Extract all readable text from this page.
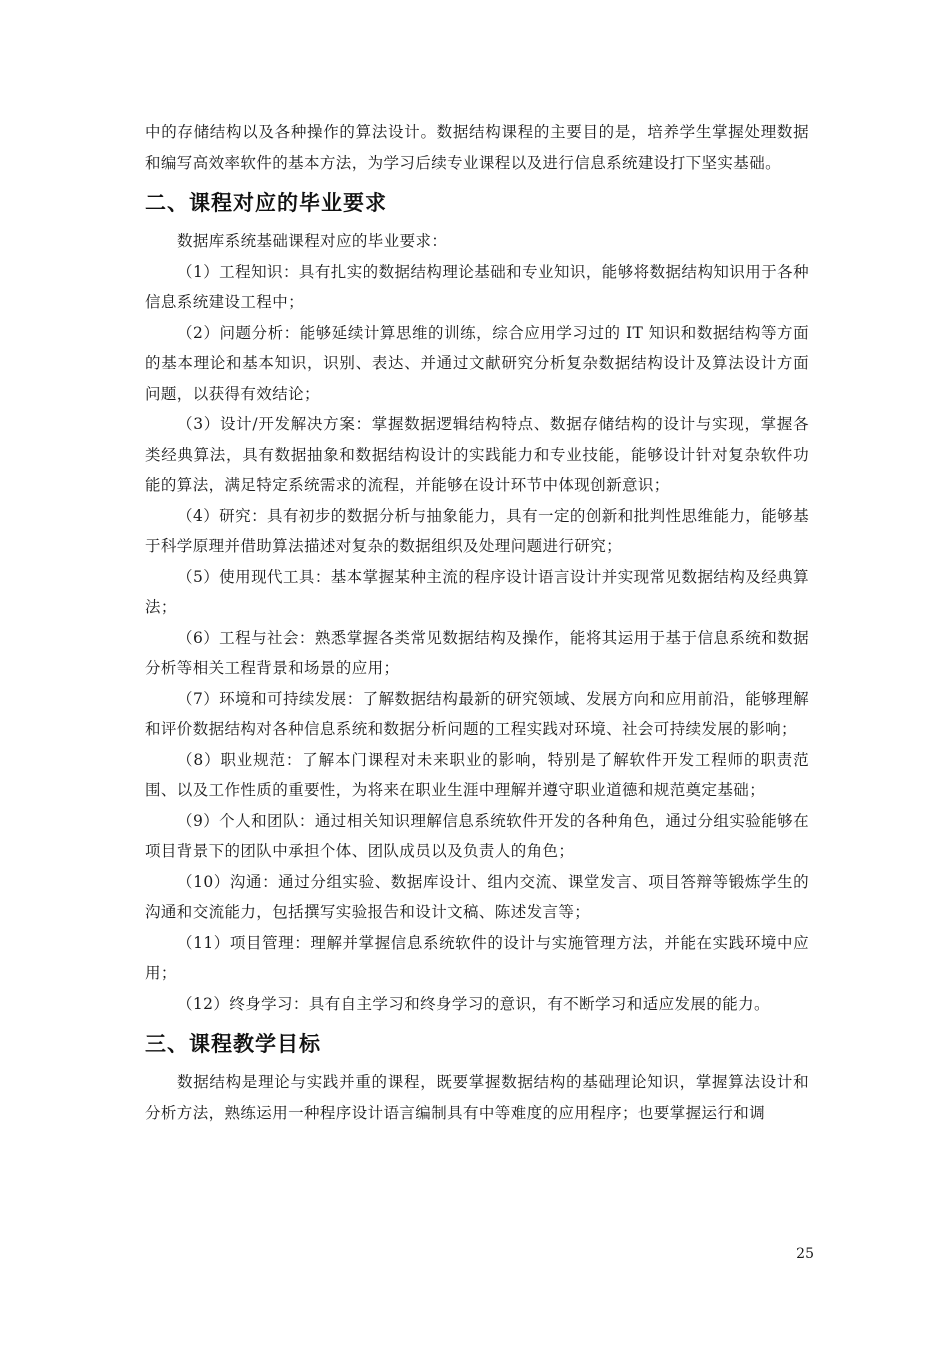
中的存储结构以及各种操作的算法设计。数据结构课程的主要目的是，培养学生掌握处理数据和编写高效率软件的基本方法，为学习后续专业课程以及进行信息系统建设打下坚实基础。

二、课程对应的毕业要求

数据库系统基础课程对应的毕业要求：

（1）工程知识：具有扎实的数据结构理论基础和专业知识，能够将数据结构知识用于各种信息系统建设工程中；

（2）问题分析：能够延续计算思维的训练，综合应用学习过的 IT 知识和数据结构等方面的基本理论和基本知识，识别、表达、并通过文献研究分析复杂数据结构设计及算法设计方面问题，以获得有效结论；

（3）设计/开发解决方案：掌握数据逻辑结构特点、数据存储结构的设计与实现，掌握各类经典算法，具有数据抽象和数据结构设计的实践能力和专业技能，能够设计针对复杂软件功能的算法，满足特定系统需求的流程，并能够在设计环节中体现创新意识；

（4）研究：具有初步的数据分析与抽象能力，具有一定的创新和批判性思维能力，能够基于科学原理并借助算法描述对复杂的数据组织及处理问题进行研究；

（5）使用现代工具：基本掌握某种主流的程序设计语言设计并实现常见数据结构及经典算法；

（6）工程与社会：熟悉掌握各类常见数据结构及操作，能将其运用于基于信息系统和数据分析等相关工程背景和场景的应用；

（7）环境和可持续发展：了解数据结构最新的研究领域、发展方向和应用前沿，能够理解和评价数据结构对各种信息系统和数据分析问题的工程实践对环境、社会可持续发展的影响；

（8）职业规范：了解本门课程对未来职业的影响，特别是了解软件开发工程师的职责范围、以及工作性质的重要性，为将来在职业生涯中理解并遵守职业道德和规范奠定基础；

（9）个人和团队：通过相关知识理解信息系统软件开发的各种角色，通过分组实验能够在项目背景下的团队中承担个体、团队成员以及负责人的角色；

（10）沟通：通过分组实验、数据库设计、组内交流、课堂发言、项目答辩等锻炼学生的沟通和交流能力，包括撰写实验报告和设计文稿、陈述发言等；

（11）项目管理：理解并掌握信息系统软件的设计与实施管理方法，并能在实践环境中应用；

（12）终身学习：具有自主学习和终身学习的意识，有不断学习和适应发展的能力。

三、课程教学目标

数据结构是理论与实践并重的课程，既要掌握数据结构的基础理论知识，掌握算法设计和分析方法，熟练运用一种程序设计语言编制具有中等难度的应用程序；也要掌握运行和调

25
